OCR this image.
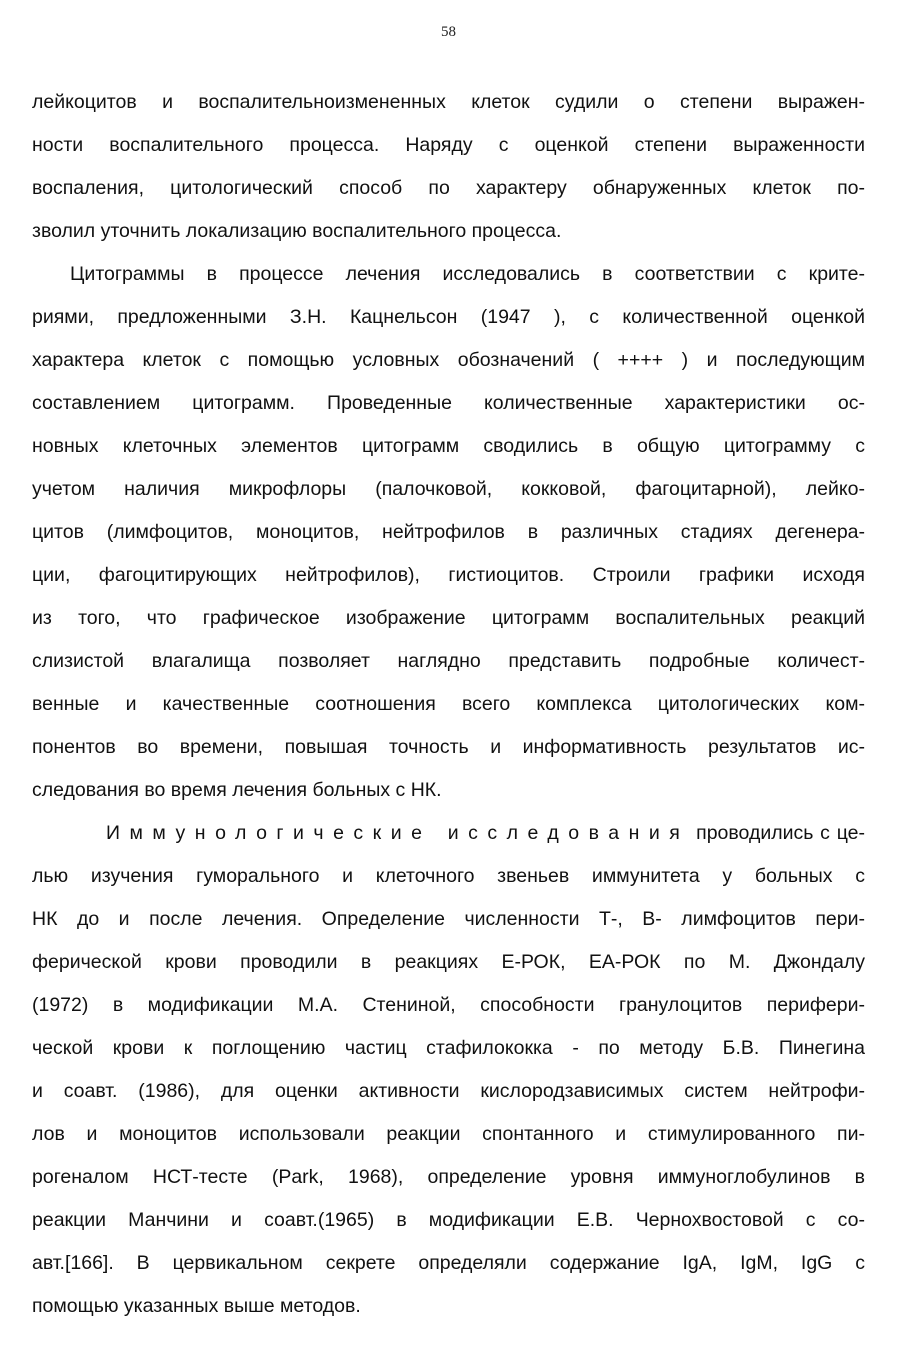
58
лейкоцитов и воспалительноизмененных клеток судили о степени выражен-
ности воспалительного процесса. Наряду с оценкой степени выраженности
воспаления, цитологический способ по характеру обнаруженных клеток по-
зволил уточнить локализацию воспалительного процесса.
Цитограммы в процессе лечения исследовались в соответствии с крите-
риями, предложенными З.Н. Кацнельсон (1947 ), с количественной оценкой
характера клеток с помощью условных обозначений ( ++++ ) и последующим
составлением цитограмм. Проведенные количественные характеристики ос-
новных клеточных элементов цитограмм сводились в общую цитограмму с
учетом наличия микрофлоры (палочковой, кокковой, фагоцитарной), лейко-
цитов (лимфоцитов, моноцитов, нейтрофилов в различных стадиях дегенера-
ции, фагоцитирующих нейтрофилов), гистиоцитов. Строили графики исходя
из того, что графическое изображение цитограмм воспалительных реакций
слизистой влагалища позволяет наглядно представить подробные количест-
венные и качественные соотношения всего комплекса цитологических ком-
понентов во времени, повышая точность и информативность результатов ис-
следования во время лечения больных с НК.
Иммунологические исследования проводились с це-
лью изучения гуморального и клеточного звеньев иммунитета у больных с
НК до и после лечения. Определение численности Т-, В- лимфоцитов пери-
ферической крови проводили в реакциях Е-РОК, ЕА-РОК по М. Джондалу
(1972) в модификации М.А. Стениной, способности гранулоцитов перифери-
ческой крови к поглощению частиц стафилококка - по методу Б.В. Пинегина
и соавт. (1986), для оценки активности кислородзависимых систем нейтрофи-
лов и моноцитов использовали реакции спонтанного и стимулированного пи-
рогеналом НСТ-тесте (Park, 1968), определение уровня иммуноглобулинов в
реакции Манчини и соавт.(1965) в модификации Е.В. Чернохвостовой с со-
авт.[166]. В цервикальном секрете определяли содержание IgA, IgM, IgG с
помощью указанных выше методов.
